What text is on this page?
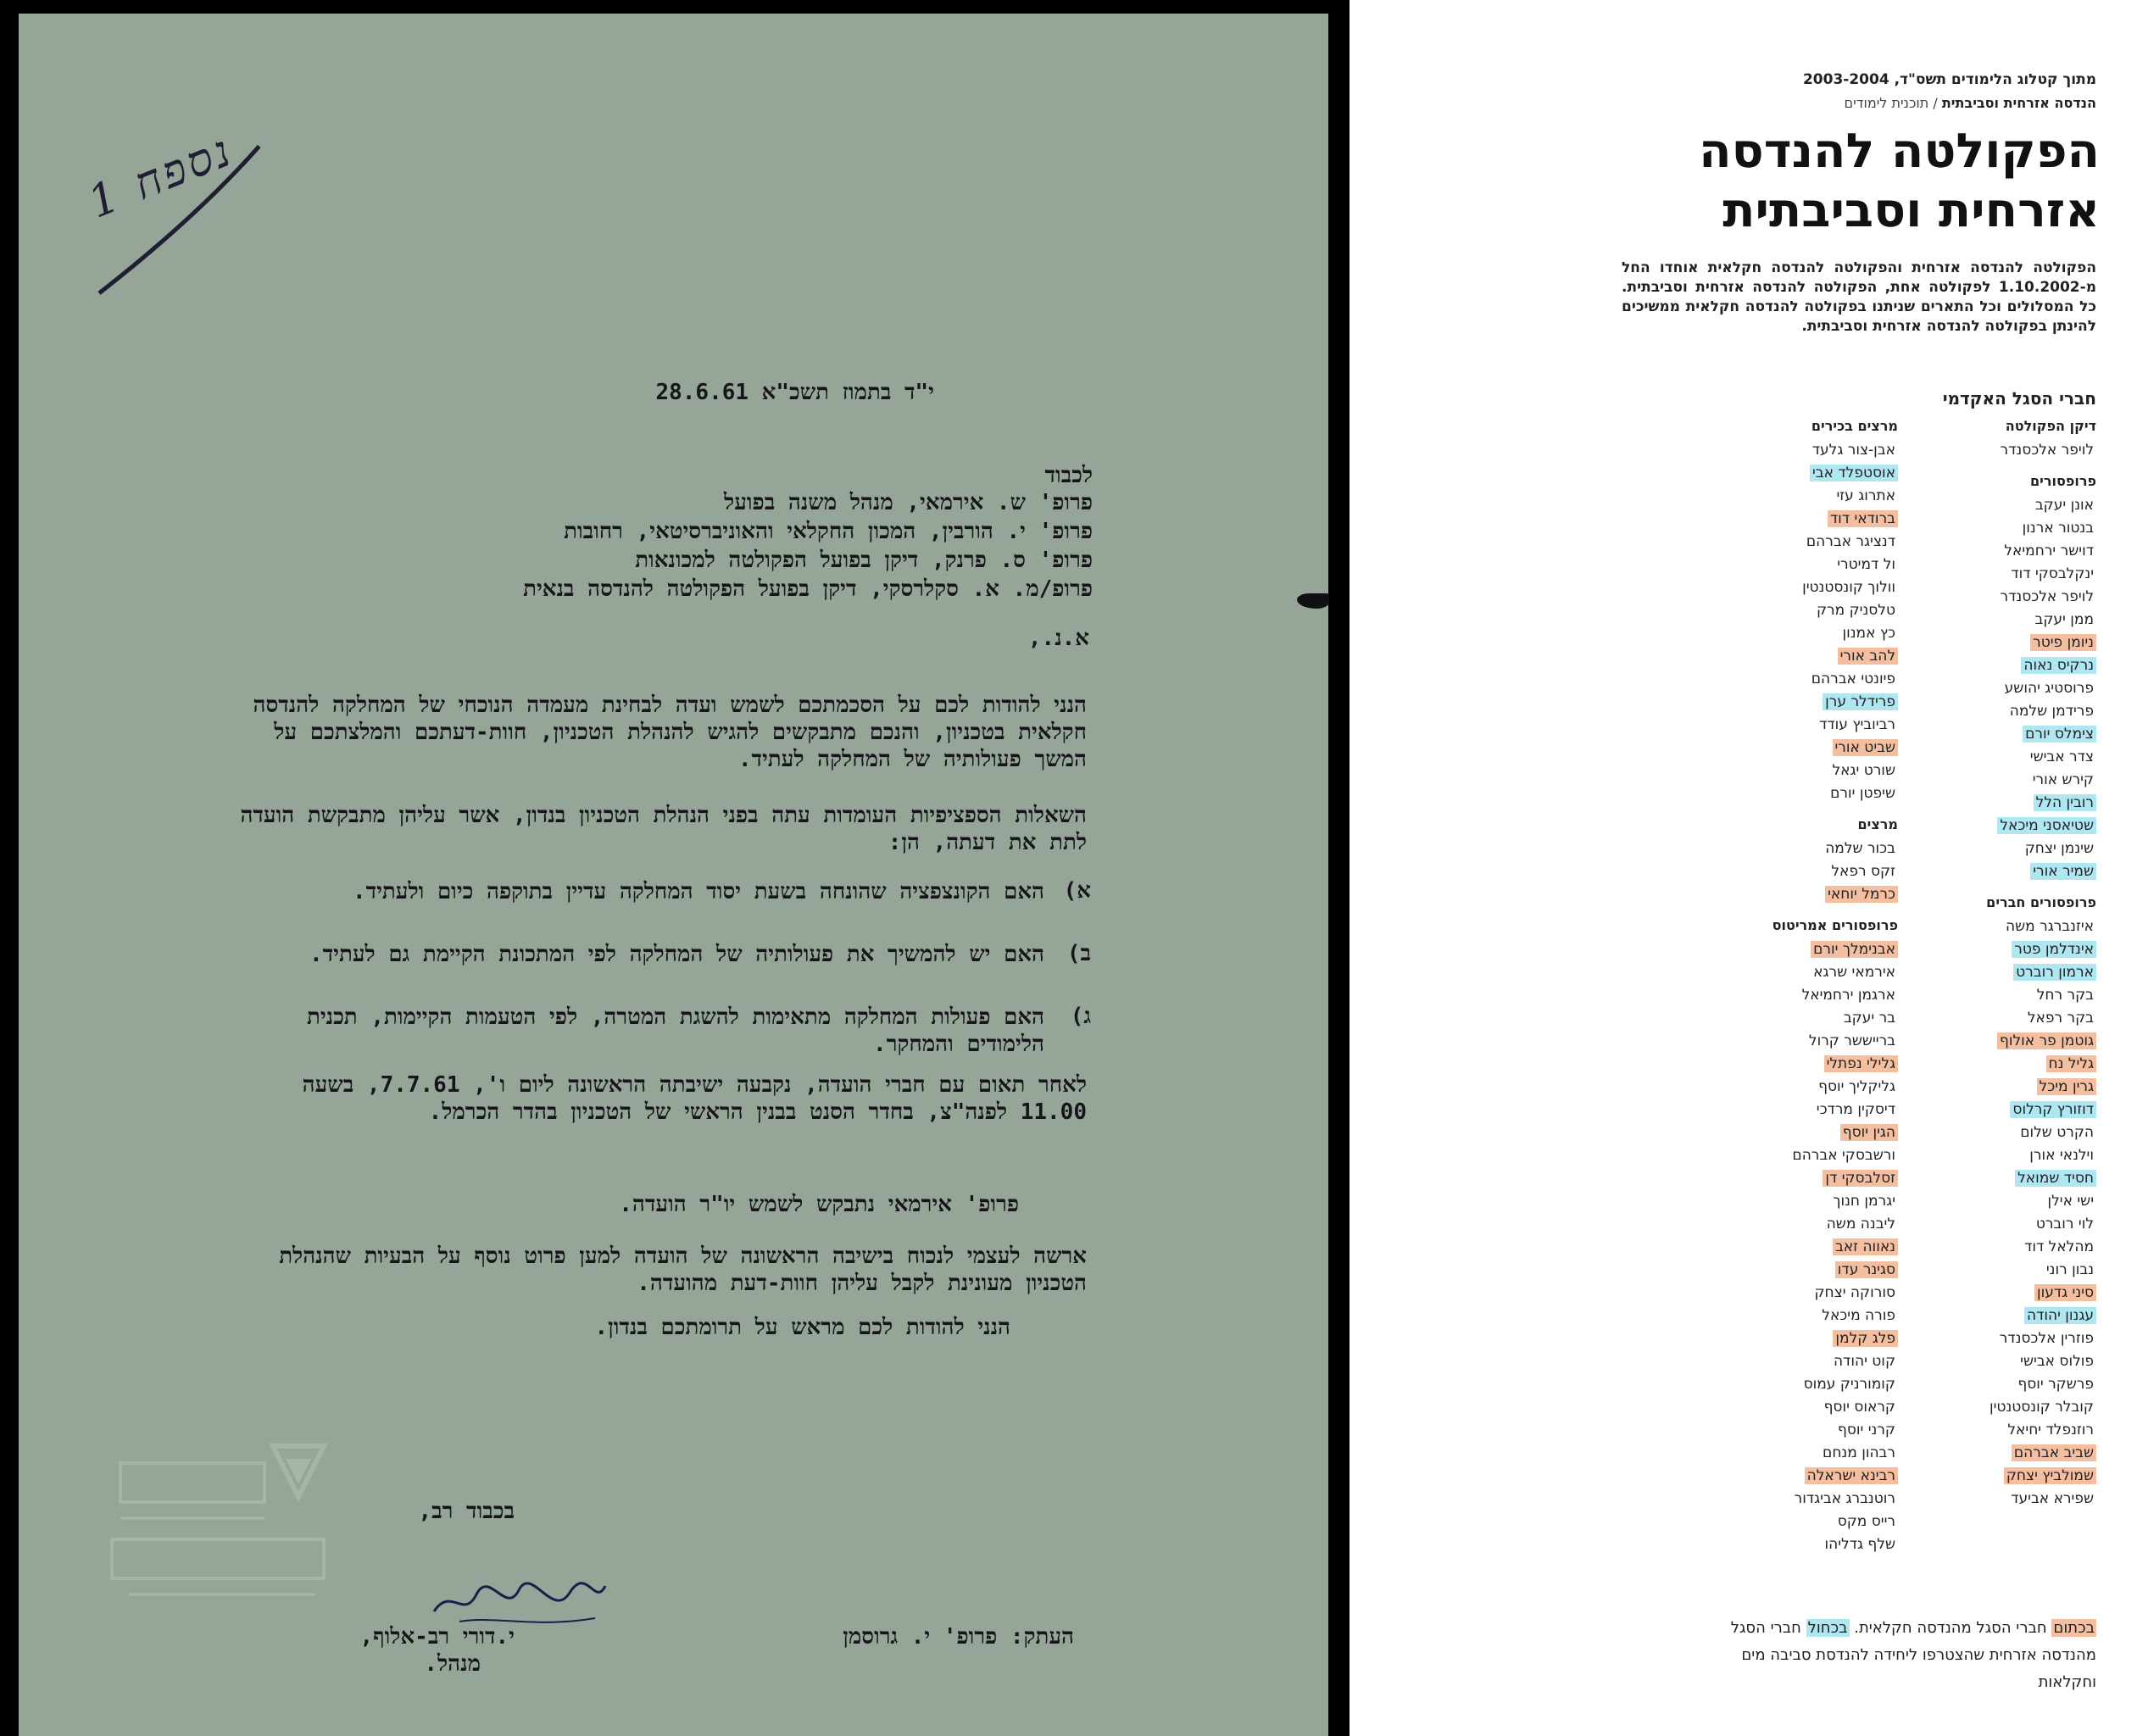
נספח 1
י"ד בתמוז תשכ"א 28.6.61
לכבוד
פרופ' ש. אירמאי, מנהל משנה בפועל
פרופ' י. הורבין, המכון החקלאי והאוניברסיטאי, רחובות
פרופ' ס. פרנק, דיקן בפועל הפקולטה למכונאות
פרופ/מ. א. סקלרסקי, דיקן בפועל הפקולטה להנדסה בנאית
א.נ.,
הנני להודות לכם על הסכמתכם לשמש ועדה לבחינת מעמדה הנוכחי של המחלקה להנדסה חקלאית בטכניון, והנכם מתבקשים להגיש להנהלת הטכניון, חוות-דעתכם והמלצתכם על המשך פעולותיה של המחלקה לעתיד.
השאלות הספציפיות העומדות עתה בפני הנהלת הטכניון בנדון, אשר עליהן מתבקשת הועדה לתת את דעתה, הן:
א)
האם הקונצפציה שהונחה בשעת יסוד המחלקה עדיין בתוקפה כיום ולעתיד.
ב)
האם יש להמשיך את פעולותיה של המחלקה לפי המתכונת הקיימת גם לעתיד.
ג)
האם פעולות המחלקה מתאימות להשגת המטרה, לפי הטעמות הקיימות, תכנית הלימודים והמחקר.
לאחר תאום עם חברי הועדה, נקבעה ישיבתה הראשונה ליום ו', 7.7.61, בשעה 11.00 לפנה"צ, בחדר הסנט בבנין הראשי של הטכניון בהדר הכרמל.
פרופ' אירמאי נתבקש לשמש יו"ר הועדה.
ארשה לעצמי לנכוח בישיבה הראשונה של הועדה למען פרוט נוסף על הבעיות שהנהלת הטכניון מעונינת לקבל עליהן חוות-דעת מהועדה.
הנני להודות לכם מראש על תרומתכם בנדון.
בכבוד רב,
י.דורי רב-אלוף,
מנהל.
העתק: פרופ' י. גרוסמן
מתוך קטלוג הלימודים תשס"ד, 2003-2004
הנדסה אזרחית וסביבתית / תוכנית לימודים
הפקולטה להנדסה
אזרחית וסביבתית
הפקולטה להנדסה אזרחית והפקולטה להנדסה חקלאית אוחדו החל מ-1.10.2002 לפקולטה אחת, הפקולטה להנדסה אזרחית וסביבתית. כל המסלולים וכל התארים שניתנו בפקולטה להנדסה חקלאית ממשיכים להינתן בפקולטה להנדסה אזרחית וסביבתית.
חברי הסגל האקדמי
דיקן הפקולטה
לויפר אלכסנדר
פרופסורים
אונן יעקב
בנטור ארנון
דוישר ירחמיאל
ינקלבסקי דוד
לויפר אלכסנדר
ממן יעקב
ניומן פיטר
נרקיס נאוה
פרוסטיג יהושע
פרידמן שלמה
צימלס יורם
צדר אבישי
קירש אורי
רובין הלל
שטיאסני מיכאל
שינמן יצחק
שמיר אורי
פרופסורים חברים
איזנברגר משה
אינדלמן פטר
ארמון רוברט
בקר רחל
בקר רפאל
גוטמן פר אולוף
גליל נח
גרין מיכל
דוזורץ קרלוס
הקרט שלום
וילנאי אורן
חסיד שמואל
ישי אילן
לוי רוברט
מהלאל דוד
נבון רוני
סיני גדעון
עגנון יהודה
פוזרין אלכסנדר
פולוס אבישי
פרשקר יוסף
קובלר קונסטנטין
רוזנפלד יחיאל
שביב אברהם
שמולביץ יצחק
שפירא אביעד
מרצים בכירים
אבן-צור גלעד
אוסטפלד אבי
אתרוג עזי
ברודאי דוד
דנציגר אברהם
ול דמיטרי
וולוך קונסטנטין
טלסניק מרק
כץ אמנון
להב אורי
פיונטי אברהם
פרידלר ערן
רביוביץ עודד
שביט אורי
שורט יגאל
שיפטן יורם
מרצים
בכור שלמה
זקס רפאל
כרמל יוחאי
פרופסורים אמריטוס
אבנימלך יורם
אירמאי שרגא
ארגמן ירחמיאל
בר יעקב
ברייששר קרול
גלילי נפתלי
גליקליך יוסף
דיסקין מרדכי
הגין יוסף
ורשבסקי אברהם
זסלבסקי דן
יגרמן חנוך
ליבנה משה
נאווה זאב
סגינר עדו
סורוקה יצחק
פורה מיכאל
פלג קלמן
קוט יהודה
קומורניק עמוס
קראוס יוסף
קרני יוסף
רבהון מנחם
רבינא ישראלה
רוטנברג אביגדור
רייס מקס
שלף גדליהו
בכתום חברי הסגל מהנדסה חקלאית. בכחול חברי הסגל מהנדסה אזרחית שהצטרפו ליחידה להנדסת סביבה מים וחקלאות
